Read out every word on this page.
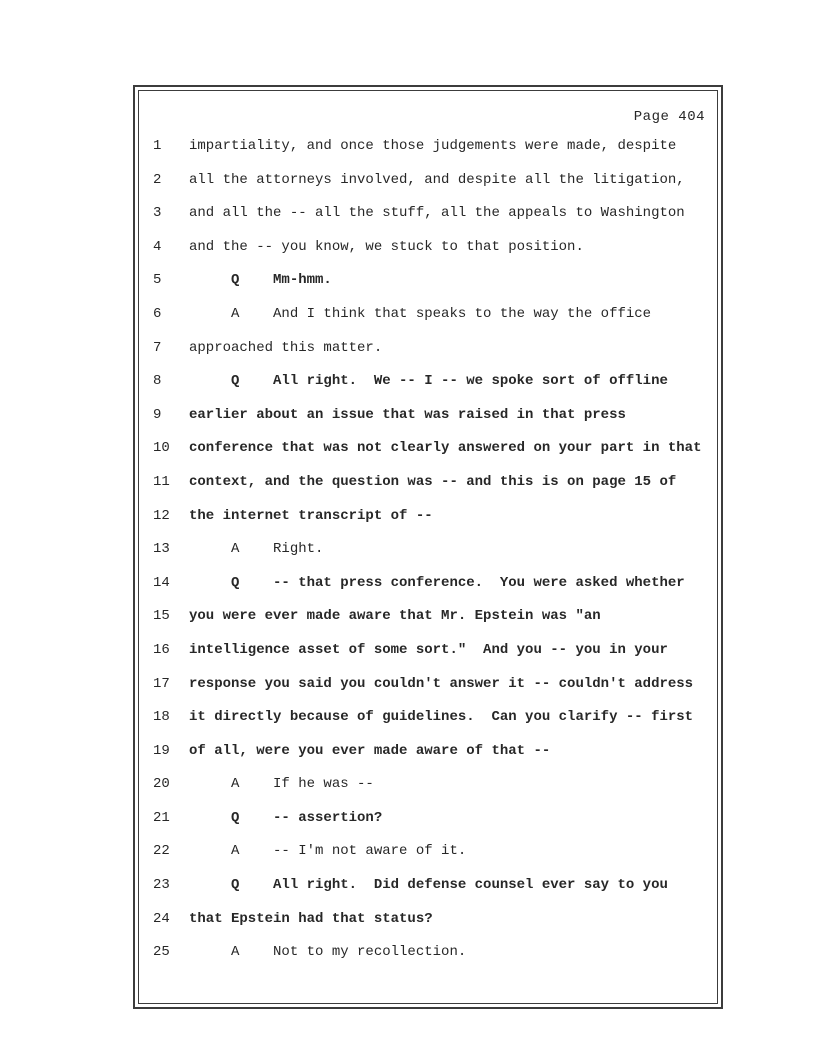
Page 404
1	impartiality, and once those judgements were made, despite
2	all the attorneys involved, and despite all the litigation,
3	and all the -- all the stuff, all the appeals to Washington
4	and the -- you know, we stuck to that position.
5	Q    Mm-hmm.
6	A    And I think that speaks to the way the office
7	approached this matter.
8	Q    All right.  We -- I -- we spoke sort of offline
9	earlier about an issue that was raised in that press
10	conference that was not clearly answered on your part in that
11	context, and the question was -- and this is on page 15 of
12	the internet transcript of --
13	A    Right.
14	Q    -- that press conference.  You were asked whether
15	you were ever made aware that Mr. Epstein was "an
16	intelligence asset of some sort."  And you -- you in your
17	response you said you couldn't answer it -- couldn't address
18	it directly because of guidelines.  Can you clarify -- first
19	of all, were you ever made aware of that --
20	A    If he was --
21	Q    -- assertion?
22	A    -- I'm not aware of it.
23	Q    All right.  Did defense counsel ever say to you
24	that Epstein had that status?
25	A    Not to my recollection.
